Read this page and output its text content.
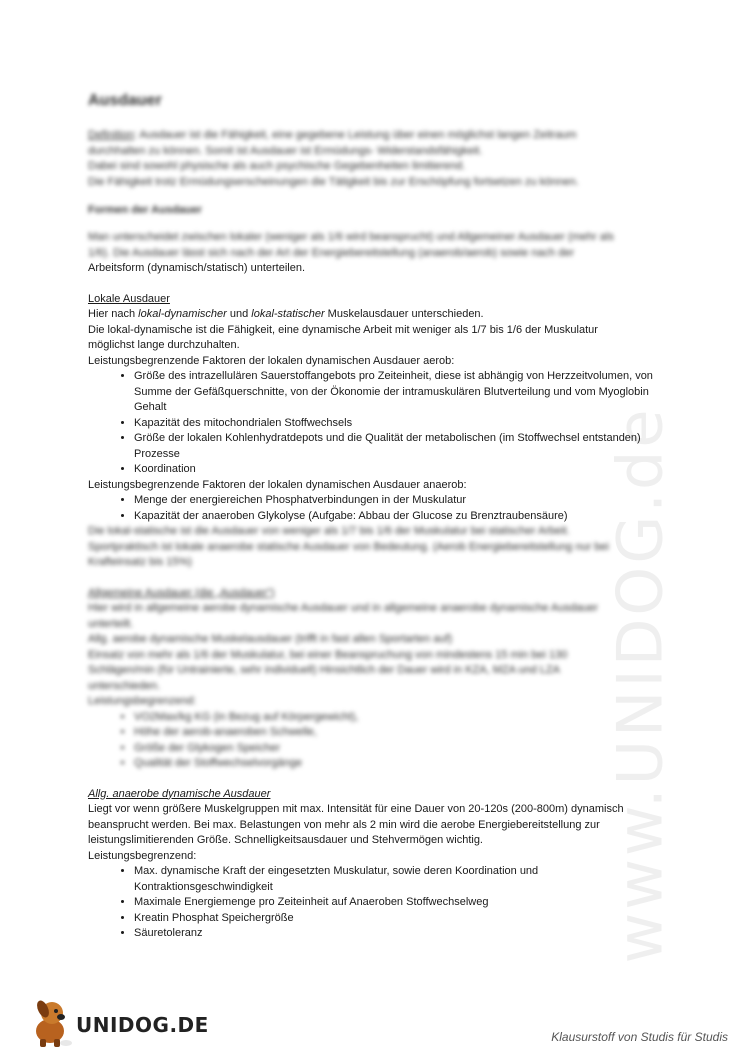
www.UNIDOG.de
Ausdauer

Definition: Ausdauer ist die Fähigkeit, eine gegebene Leistung über einen möglichst langen Zeitraum

durchhalten zu können. Somit ist Ausdauer ist Ermüdungs- Widerstandsfähigkeit.

Dabei sind sowohl physische als auch psychische Gegebenheiten limitierend.

Die Fähigkeit trotz Ermüdungserscheinungen die Tätigkeit bis zur Erschöpfung fortsetzen zu können.

Formen der Ausdauer

Man unterscheidet zwischen lokaler (weniger als 1/6 wird beansprucht) und Allgemeiner Ausdauer (mehr als

1/6). Die Ausdauer lässt sich nach der Art der Energiebereitstellung (anaerob/aerob) sowie nach der

Arbeitsform (dynamisch/statisch) unterteilen.

Lokale Ausdauer

Hier nach lokal-dynamischer und lokal-statischer Muskelausdauer unterschieden.

Die lokal-dynamische ist die Fähigkeit, eine dynamische Arbeit mit weniger als 1/7 bis 1/6 der Muskulatur

möglichst lange durchzuhalten.

Leistungsbegrenzende Faktoren der lokalen dynamischen Ausdauer aerob:

• Größe des intrazellulären Sauerstoffangebots pro Zeiteinheit, diese ist abhängig von Herzzeitvolumen, von Summe der Gefäßquerschnitte, von der Ökonomie der intramuskulären Blutverteilung und vom Myoglobin Gehalt
• Kapazität des mitochondrialen Stoffwechsels
• Größe der lokalen Kohlenhydratdepots und die Qualität der metabolischen (im Stoffwechsel entstanden) Prozesse
• Koordination

Leistungsbegrenzende Faktoren der lokalen dynamischen Ausdauer anaerob:

• Menge der energiereichen Phosphatverbindungen in der Muskulatur
• Kapazität der anaeroben Glykolyse (Aufgabe: Abbau der Glucose zu Brenztraubensäure)

Die lokal-statische ist die Ausdauer von weniger als 1/7 bis 1/6 der Muskulatur bei statischer Arbeit.

Sportpraktisch ist lokale anaerobe statische Ausdauer von Bedeutung. (Aerob Energiebereitstellung nur bei

Krafteinsatz bis 15%)

Allgemeine Ausdauer (die „Ausdauer“)

Hier wird in allgemeine aerobe dynamische Ausdauer und in allgemeine anaerobe dynamische Ausdauer

unterteilt.

Allg. aerobe dynamische Muskelausdauer (trifft in fast allen Sportarten auf)

Einsatz von mehr als 1/6 der Muskulatur, bei einer Beanspruchung von mindestens 15 min bei 130

Schlägen/min (für Untrainierte, sehr individuell) Hinsichtlich der Dauer wird in KZA, MZA und LZA

unterschieden.

Leistungsbegrenzend:

• VO2Max/kg KG (in Bezug auf Körpergewicht),
• Höhe der aerob-anaeroben Schwelle,
• Größe der Glykogen Speicher
• Qualität der Stoffwechselvorgänge

Allg. anaerobe dynamische Ausdauer

Liegt vor wenn größere Muskelgruppen mit max. Intensität für eine Dauer von 20-120s (200-800m) dynamisch

beansprucht werden. Bei max. Belastungen von mehr als 2 min wird die aerobe Energiebereitstellung zur

leistungslimitierenden Größe. Schnelligkeitsausdauer und Stehvermögen wichtig.

Leistungsbegrenzend:

• Max. dynamische Kraft der eingesetzten Muskulatur, sowie deren Koordination und Kontraktionsgeschwindigkeit
• Maximale Energiemenge pro Zeiteinheit auf Anaeroben Stoffwechselweg
• Kreatin Phosphat Speichergröße
• Säuretoleranz
UNIDOG.DE	Klausurstoff von Studis für Studis
